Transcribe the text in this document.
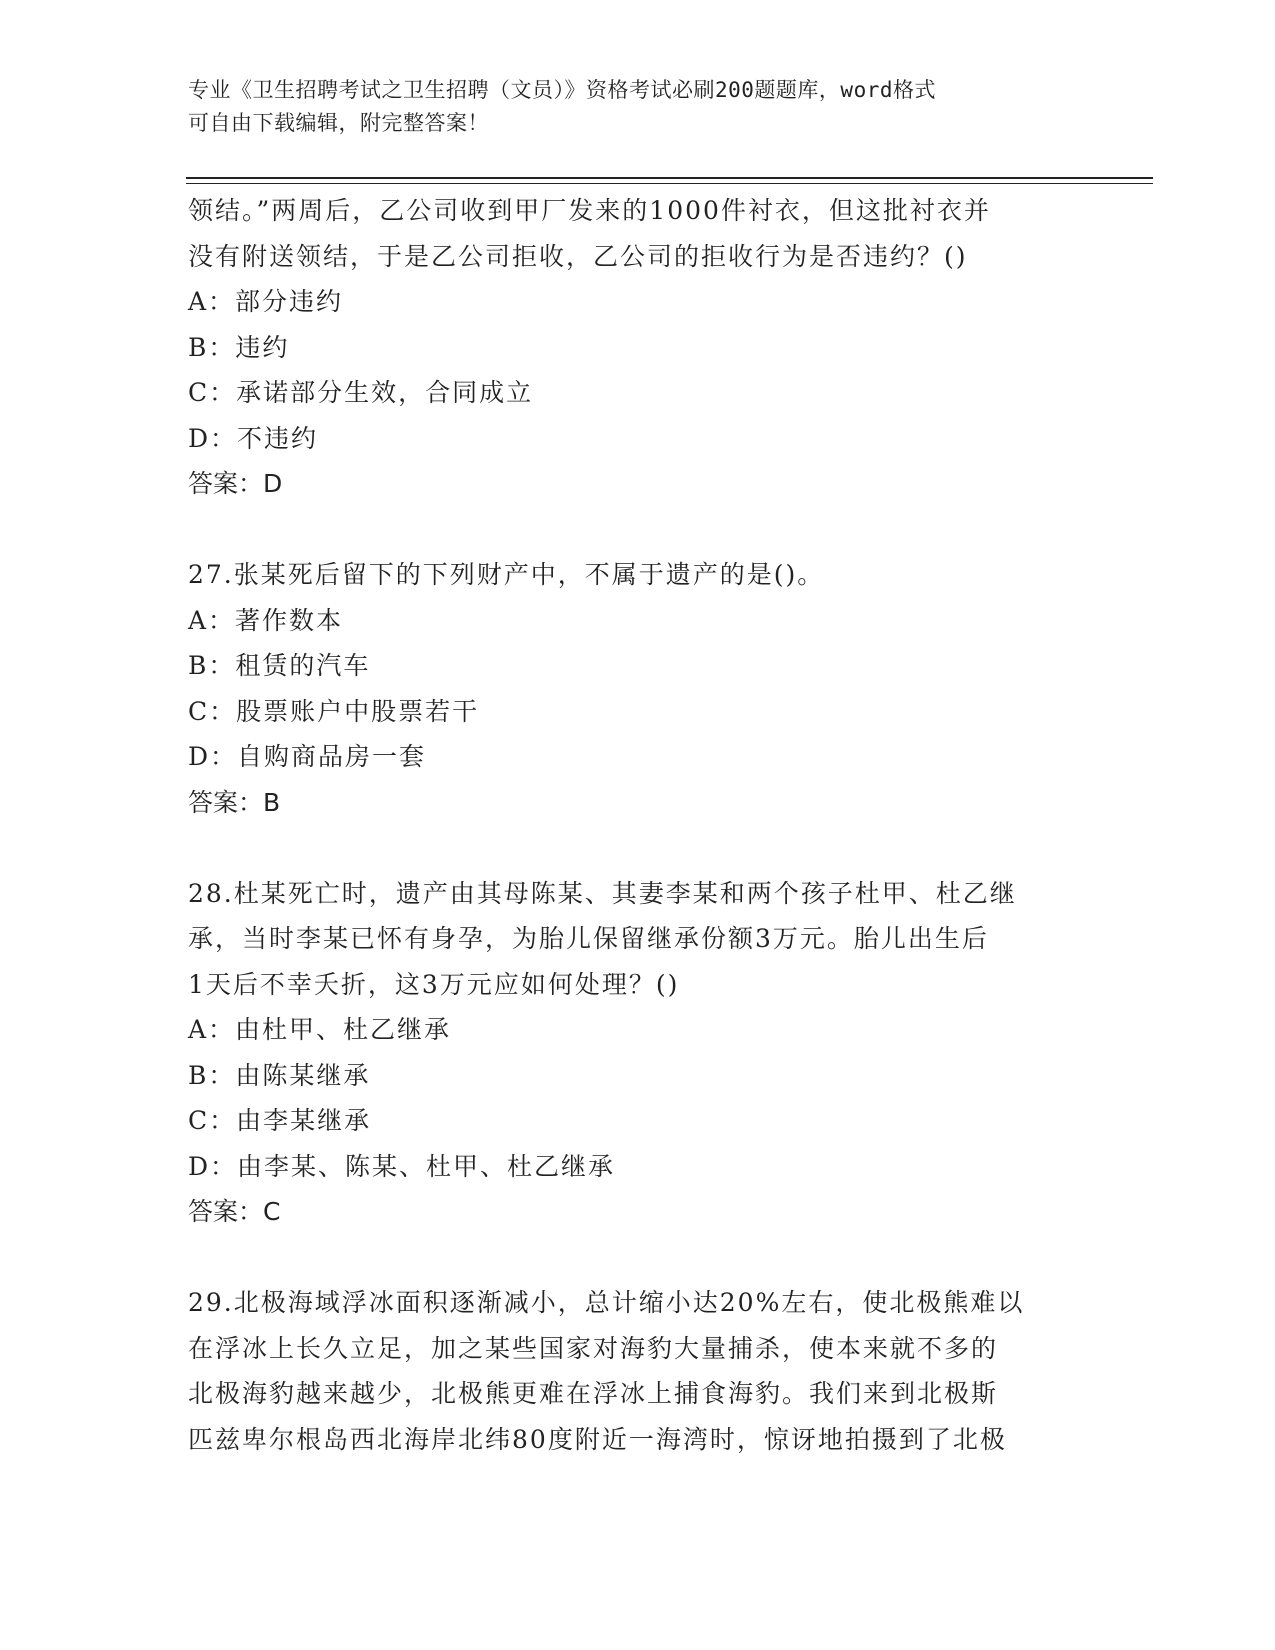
专业《卫生招聘考试之卫生招聘（文员）》资格考试必刷200题题库，word格式
可自由下载编辑，附完整答案！
领结。”两周后，乙公司收到甲厂发来的1000件衬衣，但这批衬衣并
没有附送领结，于是乙公司拒收，乙公司的拒收行为是否违约？()
A：部分违约
B：违约
C：承诺部分生效，合同成立
D：不违约
答案：D
27.张某死后留下的下列财产中，不属于遗产的是()。
A：著作数本
B：租赁的汽车
C：股票账户中股票若干
D：自购商品房一套
答案：B
28.杜某死亡时，遗产由其母陈某、其妻李某和两个孩子杜甲、杜乙继
承，当时李某已怀有身孕，为胎儿保留继承份额3万元。胎儿出生后
1天后不幸夭折，这3万元应如何处理？()
A：由杜甲、杜乙继承
B：由陈某继承
C：由李某继承
D：由李某、陈某、杜甲、杜乙继承
答案：C
29.北极海域浮冰面积逐渐减小，总计缩小达20%左右，使北极熊难以
在浮冰上长久立足，加之某些国家对海豹大量捕杀，使本来就不多的
北极海豹越来越少，北极熊更难在浮冰上捕食海豹。我们来到北极斯
匹兹卑尔根岛西北海岸北纬80度附近一海湾时，惊讶地拍摄到了北极
